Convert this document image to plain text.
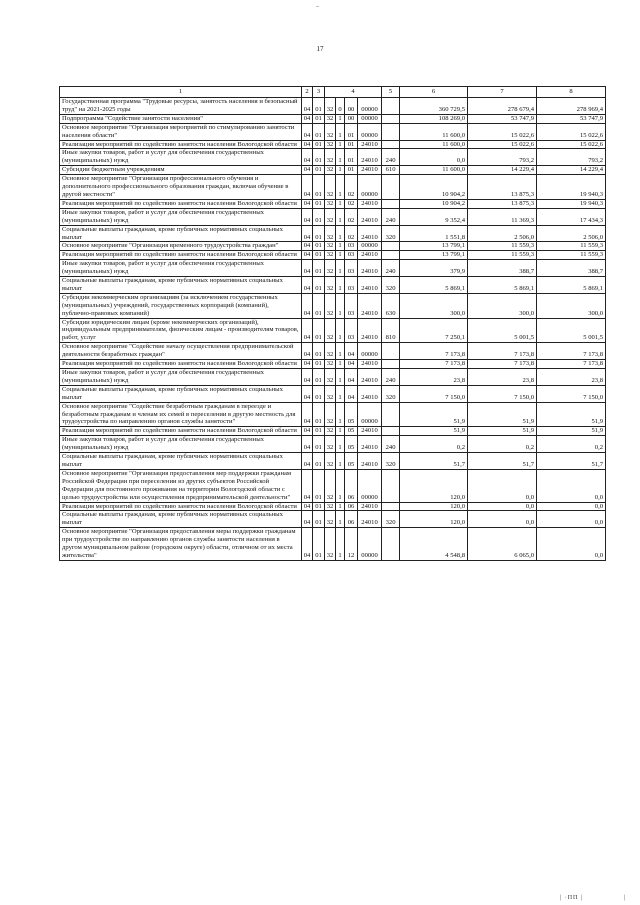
–
17
1	2	3	4				5	6	7	8
Государственная программа "Трудовые ресурсы, занятость населения и безопасный труд" на 2021-2025 годы	04	01	32	0	00	00000		360 729,5	278 679,4	278 969,4
Подпрограмма "Содействие занятости населения"	04	01	32	1	00	00000		108 269,0	53 747,9	53 747,9
Основное мероприятие "Организация мероприятий по стимулированию занятости населения области"	04	01	32	1	01	00000		11 600,0	15 022,6	15 022,6
Реализация мероприятий по содействию занятости населения Вологодской области	04	01	32	1	01	24010		11 600,0	15 022,6	15 022,6
Иные закупки товаров, работ и услуг для обеспечения государственных (муниципальных) нужд	04	01	32	1	01	24010	240	0,0	793,2	793,2
Субсидии бюджетным учреждениям	04	01	32	1	01	24010	610	11 600,0	14 229,4	14 229,4
Основное мероприятие "Организация профессионального обучения и дополнительного профессионального образования граждан, включая обучение в другой местности"	04	01	32	1	02	00000		10 904,2	13 875,3	19 940,3
Реализация мероприятий по содействию занятости населения Вологодской области	04	01	32	1	02	24010		10 904,2	13 875,3	19 940,3
Иные закупки товаров, работ и услуг для обеспечения государственных (муниципальных) нужд	04	01	32	1	02	24010	240	9 352,4	11 369,3	17 434,3
Социальные выплаты гражданам, кроме публичных нормативных социальных выплат	04	01	32	1	02	24010	320	1 551,8	2 506,0	2 506,0
Основное мероприятие "Организация временного трудоустройства граждан"	04	01	32	1	03	00000		13 799,1	11 559,3	11 559,3
Реализация мероприятий по содействию занятости населения Вологодской области	04	01	32	1	03	24010		13 799,1	11 559,3	11 559,3
Иные закупки товаров, работ и услуг для обеспечения государственных (муниципальных) нужд	04	01	32	1	03	24010	240	379,9	388,7	388,7
Социальные выплаты гражданам, кроме публичных нормативных социальных выплат	04	01	32	1	03	24010	320	5 869,1	5 869,1	5 869,1
Субсидии некоммерческим организациям (за исключением государственных (муниципальных) учреждений, государственных корпораций (компаний), публично-правовых компаний)	04	01	32	1	03	24010	630	300,0	300,0	300,0
Субсидии юридическим лицам (кроме некоммерческих организаций), индивидуальным предпринимателям, физическим лицам - производителям товаров, работ, услуг	04	01	32	1	03	24010	810	7 250,1	5 001,5	5 001,5
Основное мероприятие "Содействие началу осуществления предпринимательской деятельности безработных граждан"	04	01	32	1	04	00000		7 173,8	7 173,8	7 173,8
Реализация мероприятий по содействию занятости населения Вологодской области	04	01	32	1	04	24010		7 173,8	7 173,8	7 173,8
Иные закупки товаров, работ и услуг для обеспечения государственных (муниципальных) нужд	04	01	32	1	04	24010	240	23,8	23,8	23,8
Социальные выплаты гражданам, кроме публичных нормативных социальных выплат	04	01	32	1	04	24010	320	7 150,0	7 150,0	7 150,0
Основное мероприятие "Содействие безработным гражданам в переезде и безработным гражданам и членам их семей в переселении в другую местность для трудоустройства по направлению органов службы занятости"	04	01	32	1	05	00000		51,9	51,9	51,9
Реализация мероприятий по содействию занятости населения Вологодской области	04	01	32	1	05	24010		51,9	51,9	51,9
Иные закупки товаров, работ и услуг для обеспечения государственных (муниципальных) нужд	04	01	32	1	05	24010	240	0,2	0,2	0,2
Социальные выплаты гражданам, кроме публичных нормативных социальных выплат	04	01	32	1	05	24010	320	51,7	51,7	51,7
Основное мероприятие "Организация предоставления мер поддержки гражданам Российской Федерации при переселении из других субъектов Российской Федерации для постоянного проживания на территории Вологодской области с целью трудоустройства или осуществления предпринимательской деятельности"	04	01	32	1	06	00000		120,0	0,0	0,0
Реализация мероприятий по содействию занятости населения Вологодской области	04	01	32	1	06	24010		120,0	0,0	0,0
Социальные выплаты гражданам, кроме публичных нормативных социальных выплат	04	01	32	1	06	24010	320	120,0	0,0	0,0
Основное мероприятие "Организация предоставления меры поддержки гражданам при трудоустройстве по направлению органов службы занятости населения в другом муниципальном районе (городском округе) области, отличном от их места жительства"	04	01	32	1	12	00000		4 548,8	6 065,0	0,0
| ·ПП |	|
